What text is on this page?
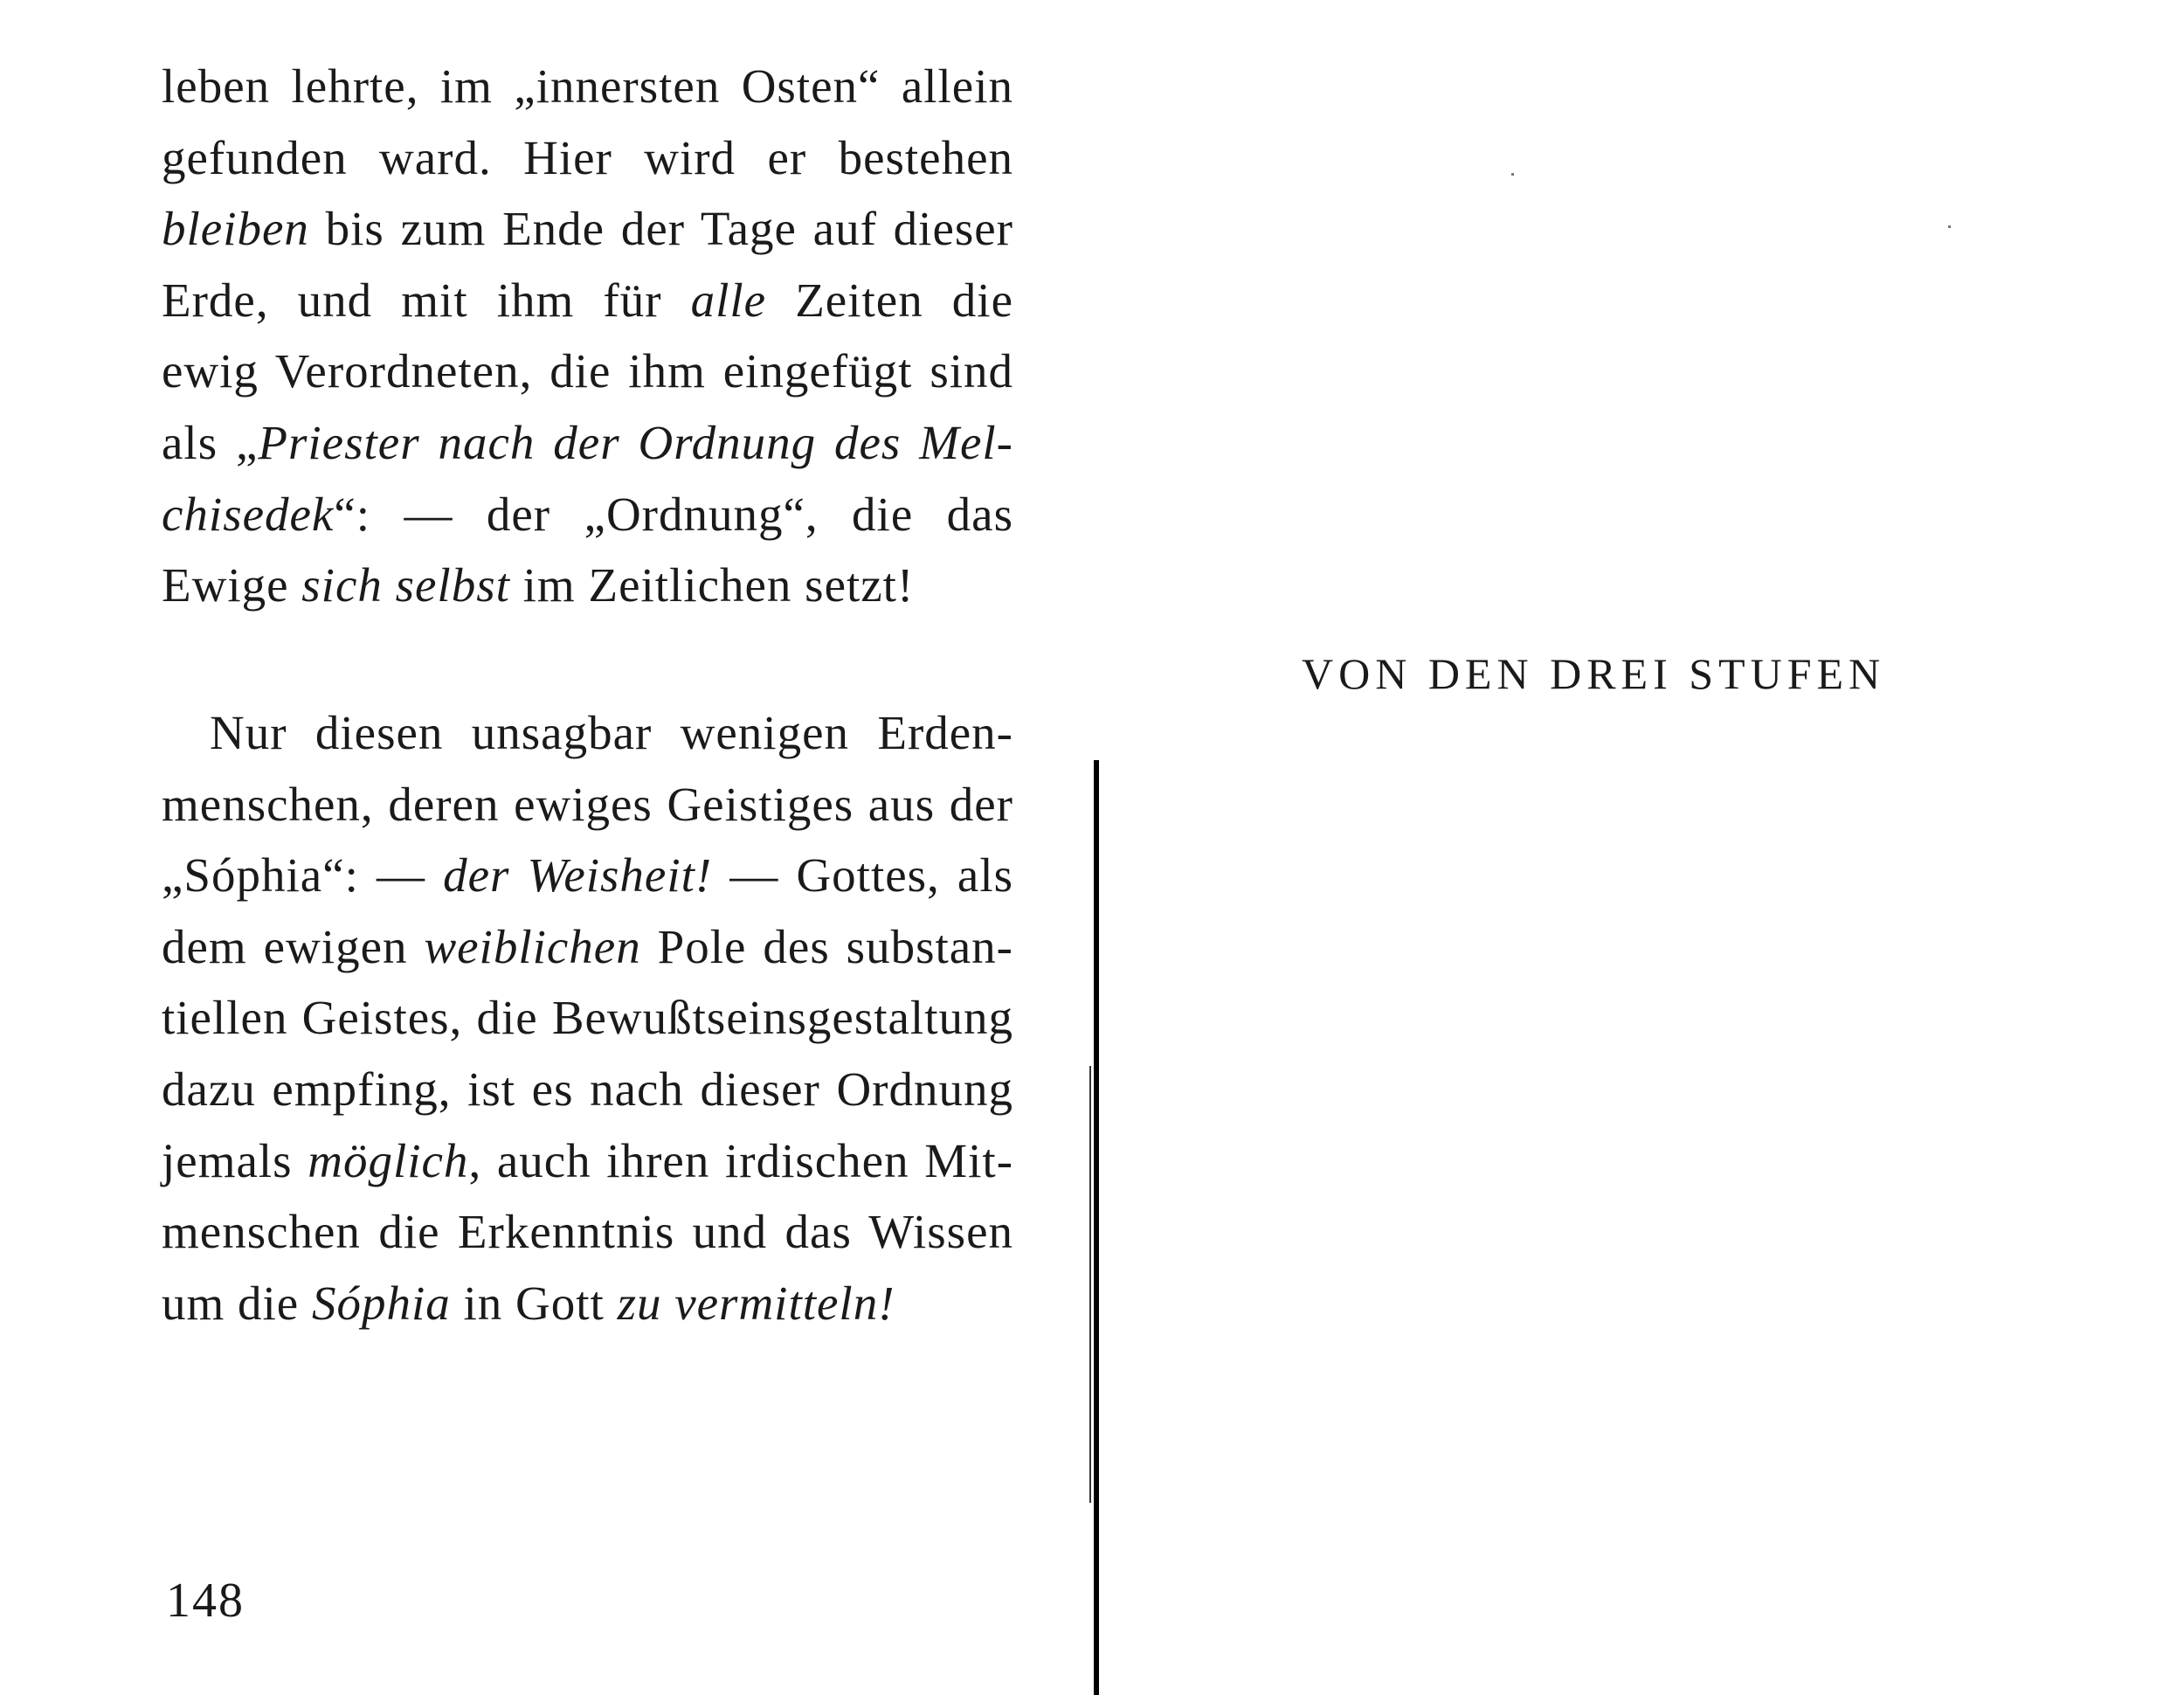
leben lehrte, im „innersten Osten“ allein
gefunden ward. Hier wird er bestehen
bleiben bis zum Ende der Tage auf dieser
Erde, und mit ihm für alle Zeiten die
ewig Verordneten, die ihm eingefügt sind
als „Priester nach der Ordnung des Mel-
chisedek“: — der „Ordnung“, die das
Ewige sich selbst im Zeitlichen setzt!
Nur diesen unsagbar wenigen Erden-
menschen, deren ewiges Geistiges aus der
„Sóphia“: — der Weisheit! — Gottes, als
dem ewigen weiblichen Pole des substan-
tiellen Geistes, die Bewußtseinsgestaltung
dazu empfing, ist es nach dieser Ordnung
jemals möglich, auch ihren irdischen Mit-
menschen die Erkenntnis und das Wissen
um die Sóphia in Gott zu vermitteln!
148
VON DEN DREI STUFEN
